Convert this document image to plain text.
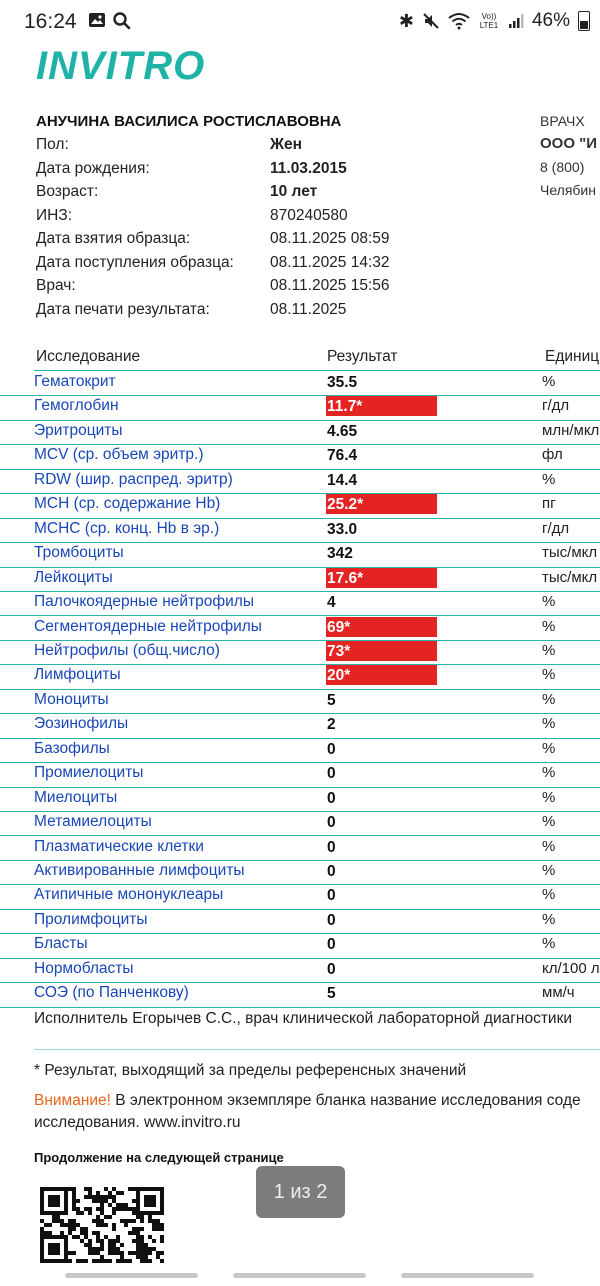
16:24	✱	Vo)) LTE1 46%
INVITRO
АНУЧИНА ВАСИЛИСА РОСТИСЛАВОВНА	ВРАЧХ
ООО "И
8 (800)
Челябин
Пол:	Жен
Дата рождения:	11.03.2015
Возраст:	10 лет
ИНЗ:	870240580
Дата взятия образца:	08.11.2025 08:59
Дата поступления образца: 08.11.2025 14:32
Врач:	08.11.2025 15:56
Дата печати результата:	08.11.2025
Исследование	Результат	Единиц
Гематокрит	35.5	%
Гемоглобин	11.7*	г/дл
Эритроциты	4.65	млн/мкл
MCV (ср. объем эритр.)	76.4	фл
RDW (шир. распред. эритр)	14.4	%
MCH (ср. содержание Hb)	25.2*	пг
MCHC (ср. конц. Hb в эр.)	33.0	г/дл
Тромбоциты	342	тыс/мкл
Лейкоциты	17.6*	тыс/мкл
Палочкоядерные нейтрофилы	4	%
Сегментоядерные нейтрофилы	69*	%
Нейтрофилы (общ.число)	73*	%
Лимфоциты	20*	%
Моноциты	5	%
Эозинофилы	2	%
Базофилы	0	%
Промиелоциты	0	%
Миелоциты	0	%
Метамиелоциты	0	%
Плазматические клетки	0	%
Активированные лимфоциты	0	%
Атипичные мононуклеары	0	%
Пролимфоциты	0	%
Бласты	0	%
Нормобласты	0	кл/100 л
СОЭ (по Панченкову)	5	мм/ч
Исполнитель Егорычев С.С., врач клинической лабораторной диагностики
* Результат, выходящий за пределы референсных значений
Внимание! В электронном экземпляре бланка название исследования соде
исследования. www.invitro.ru
Продолжение на следующей странице
1 из 2
